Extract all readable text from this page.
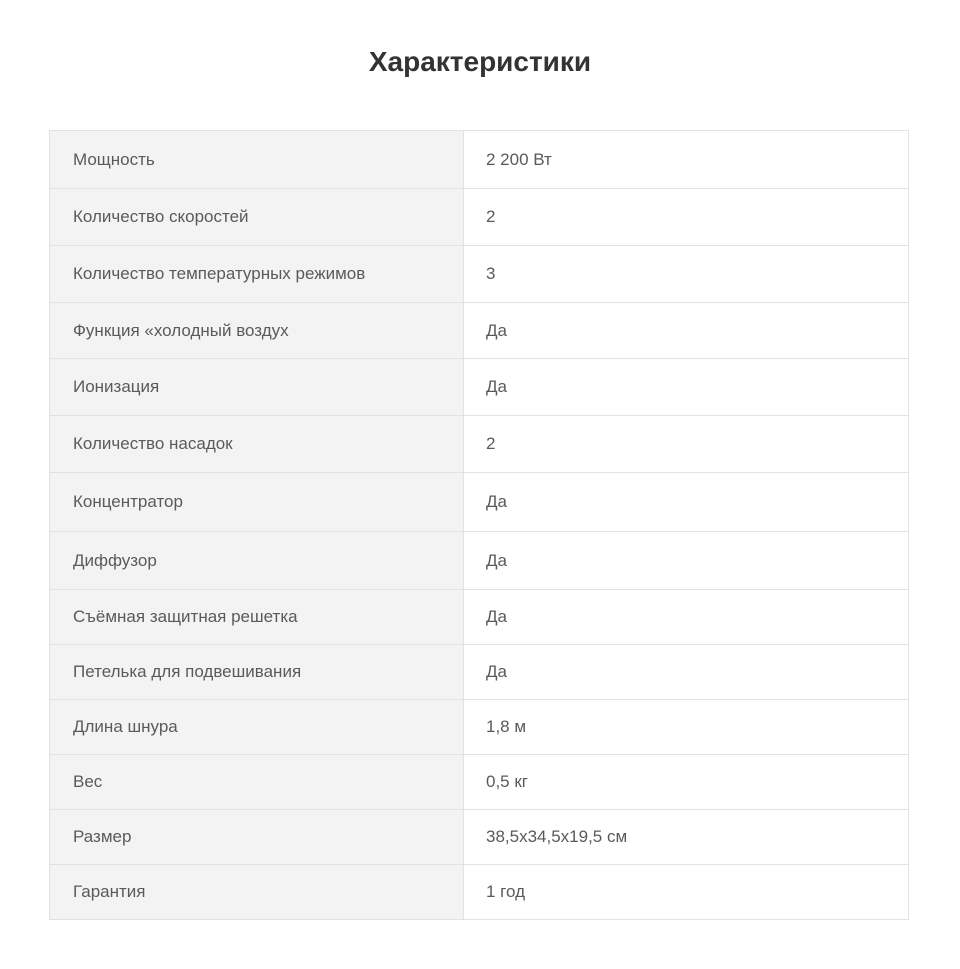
Характеристики
Мощность	2 200 Вт
Количество скоростей	2
Количество температурных режимов	3
Функция «холодный воздух	Да
Ионизация	Да
Количество насадок	2
Концентратор	Да
Диффузор	Да
Съёмная защитная решетка	Да
Петелька для подвешивания	Да
Длина шнура	1,8 м
Вес	0,5 кг
Размер	38,5x34,5x19,5 см
Гарантия	1 год
